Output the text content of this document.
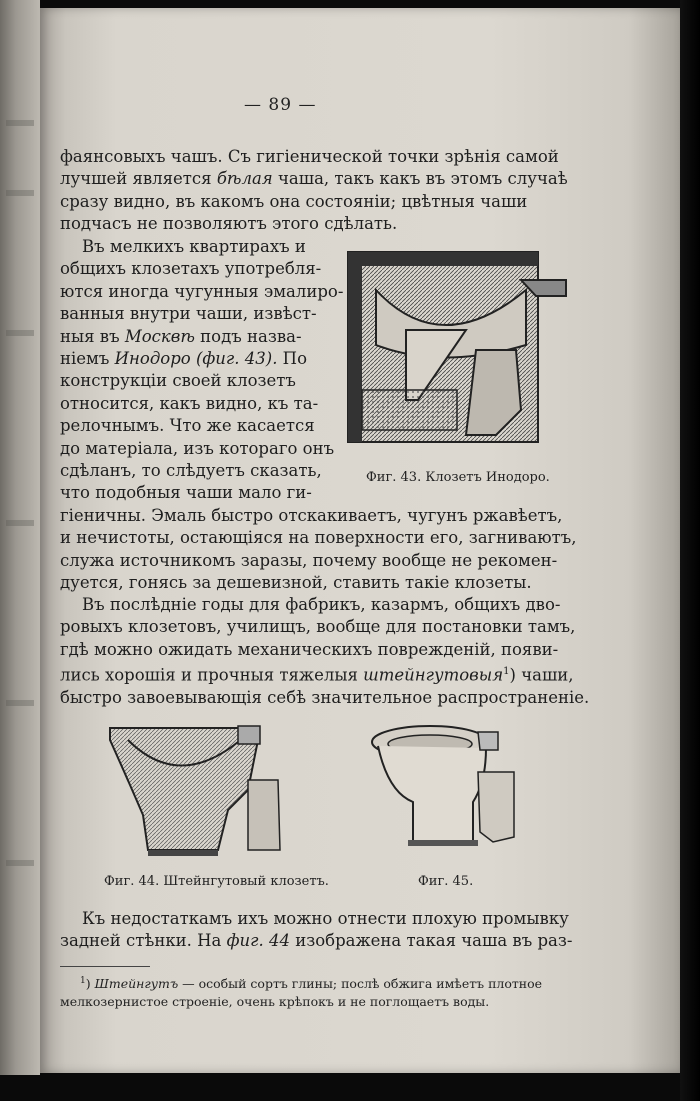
— 89 —
фаянсовыхъ чашъ. Съ гигіенической точки зрѣнія самой
лучшей является бѣлая чаша, такъ какъ въ этомъ случаѣ
сразу видно, въ какомъ она состояніи; цвѣтныя чаши
подчасъ не позволяютъ этого сдѣлать.
Въ мелкихъ квартирахъ и
общихъ клозетахъ употребля-
ются иногда чугунныя эмалиро-
ванныя внутри чаши, извѣст-
ныя въ Москвѣ подъ назва-
ніемъ Инодоро (фиг. 43). По
конструкціи своей клозетъ
относится, какъ видно, къ та-
релочнымъ. Что же касается
до матеріала, изъ котораго онъ
сдѣланъ, то слѣдуетъ сказать,
что подобныя чаши мало ги-
гіеничны. Эмаль быстро отскакиваетъ, чугунъ ржавѣетъ,
и нечистоты, остающіяся на поверхности его, загниваютъ,
служа источникомъ заразы, почему вообще не рекомен-
дуется, гонясь за дешевизной, ставить такіе клозеты.
Фиг. 43. Клозетъ Инодоро.
Въ послѣдніе годы для фабрикъ, казармъ, общихъ дво-
ровыхъ клозетовъ, училищъ, вообще для постановки тамъ,
гдѣ можно ожидать механическихъ поврежденій, появи-
лись хорошія и прочныя тяжелыя штейнгутовыя$^1$) чаши,
быстро завоевывающія себѣ значительное распространеніе.
Фиг. 44. Штейнгутовый клозетъ.	Фиг. 45.
Къ недостаткамъ ихъ можно отнести плохую промывку
задней стѣнки. На фиг. 44 изображена такая чаша въ раз-
$^1$) Штейнгутъ — особый сортъ глины; послѣ обжига имѣетъ плотное
мелкозернистое строеніе, очень крѣпокъ и не поглощаетъ воды.
